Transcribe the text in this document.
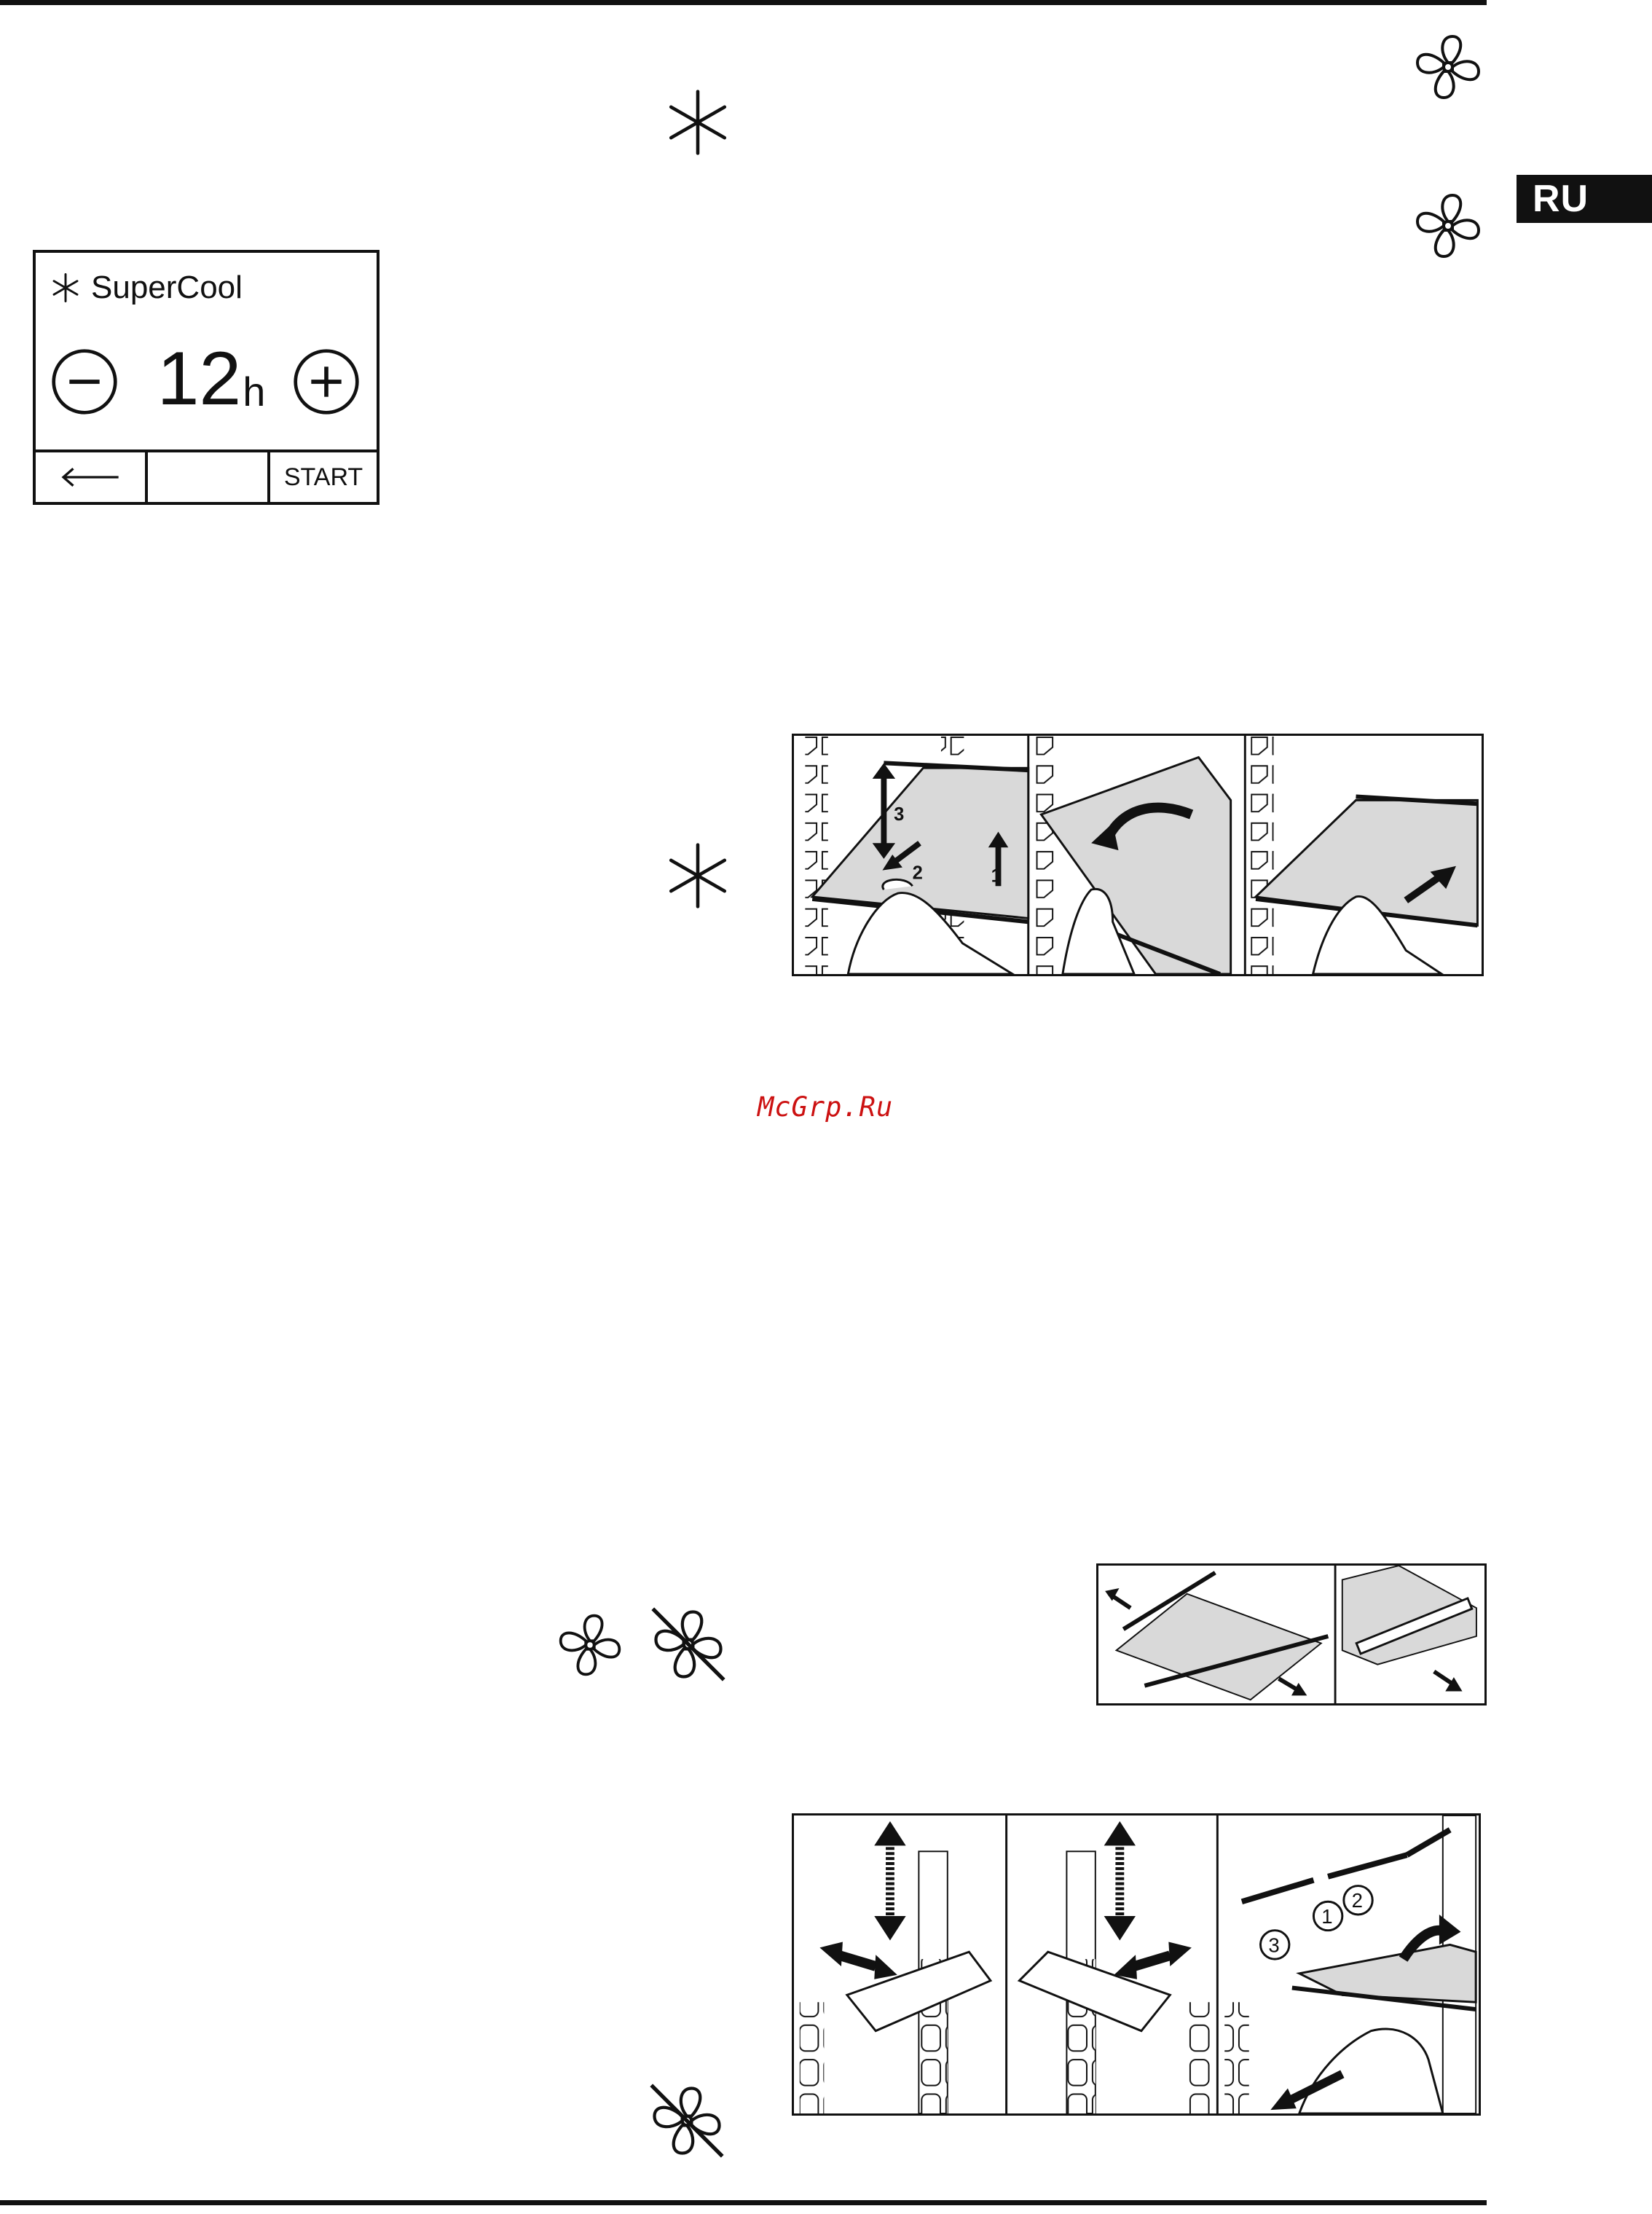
RU
SuperCool
12 h
START
3
2	1
McGrp.Ru
3
1
2
